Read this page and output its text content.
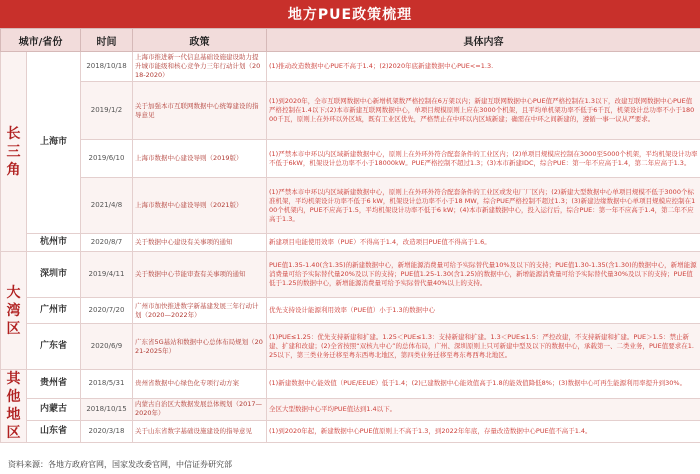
地方PUE政策梳理
城市/省份		时间	政策	具体内容
长三角	上海市	2018/10/18	上海市推进新一代信息基础设施建设助力提升城市能级和核心竞争力三年行动计划（2018-2020）	(1)推动改造数据中心PUE不高于1.4；(2)2020年底新建数据中心PUE<=1.3.
		2019/1/2	关于加强本市互联网数据中心统筹建设的指导意见	(1)到2020年，全市互联网数据中心新增机架数严格控制在6万架以内；新建互联网数据中心PUE值严格控制在1.3以下，改建互联网数据中心PUE值严格控制在1.4以下;(2)本市新建互联网数据中心，单项目规模原则上应在3000个机架，且平均单机架功率不低于6千瓦，机架设计总功率不小于18000千瓦，原则上在外环以外区域，既有工业区优先，严格禁止在中环以内区域新建；确需在中环之间新建的，遵循一事一议从严要求。
		2019/6/10	上海市数据中心建设导则（2019版）	(1)严禁本市中环以内区域新建数据中心，原则上在外环外符合配套条件的工业区内；(2)单项目规模应控制在3000至5000个机架，平均机架设计功率不低于6kW，机架设计总功率不小于18000kW。PUE严格控制不超过1.3；(3)本市新建IDC，综合PUE：第一年不应高于1.4，第二年应高于1.3。
		2021/4/8	上海市数据中心建设导则（2021版）	(1)严禁本市中环以内区域新建数据中心，原则上在外环外符合配套条件的工业区或发电厂厂区内；(2)新建大型数据中心单项目规模不低于3000个标准机架，平均机架设计功率不低于6 kW，机架设计总功率不小于18 MW，综合PUE严格控制不超过1.3；(3)新建边缘数据中心单项目规模应控制在100个机架内，PUE不应高于1.5，平均机架设计功率不低于6 kW；(4)本市新建数据中心，投入运行后，综合PUE：第一年不应高于1.4，第二年不应高于1.3。
	杭州市	2020/8/7	关于数据中心建设有关事项的通知	新建项目电能使用效率（PUE）不得高于1.4，改造项目PUE值不得高于1.6。
大湾区	深圳市	2019/4/11	关于数据中心节能审查有关事项的通知	PUE值1.35-1.40(含1.35)的新建数据中心，新增能源消费量可给予实际替代量10%及以下的支持；PUE值1.30-1.35(含1.30)的数据中心，新增能源消费量可给予实际替代量20%及以下的支持；PUE值1.25-1.30(含1.25)的数据中心，新增能源消费量可给予实际替代量30%及以下的支持；PUE值低于1.25的数据中心，新增能源消费量可给予实际替代量40%以上的支持。
	广州市	2020/7/20	广州市加快推进数字新基建发展三年行动计划（2020—2022年）	优先支持设计能源利用效率（PUE值）小于1.3的数据中心
	广东省	2020/6/9	广东省5G基站和数据中心总体布局规划（2021-2025年）	(1)PUE≤1.25：优先支持新建和扩建。1.25＜PUE≤1.3：支持新建和扩建。1.3＜PUE≤1.5：严控改建，不支持新建和扩建。PUE＞1.5：禁止新建、扩建和改建；(2)全省按照“双核九中心”的总体布局，广州、深圳原则上只可新建中型及以下的数据中心，承载第一、二类业务，PUE值要求在1.25以下，第三类业务迁移至粤东西粤北地区，第四类业务迁移至粤东粤西粤北地区。
其他地区	贵州省	2018/5/31	贵州省数据中心绿色化专项行动方案	(1)新建数据中心能效值（PUE/EEUE）低于1.4；(2)已建数据中心能效值高于1.8的能效值降低8%；(3)数据中心可再生能源利用率提升到30%。
	内蒙古	2018/10/15	内蒙古自治区大数据发展总体规划（2017—2020年）	全区大型数据中心平均PUE值达到1.4以下。
	山东省	2020/3/18	关于山东省数字基础设施建设的指导意见	(1)到2020年起，新建数据中心PUE值原则上不高于1.3，到2022年年底，存量改造数据中心PUE值不高于1.4。
资料来源：各地方政府官网，国家发改委官网，中信证券研究部
